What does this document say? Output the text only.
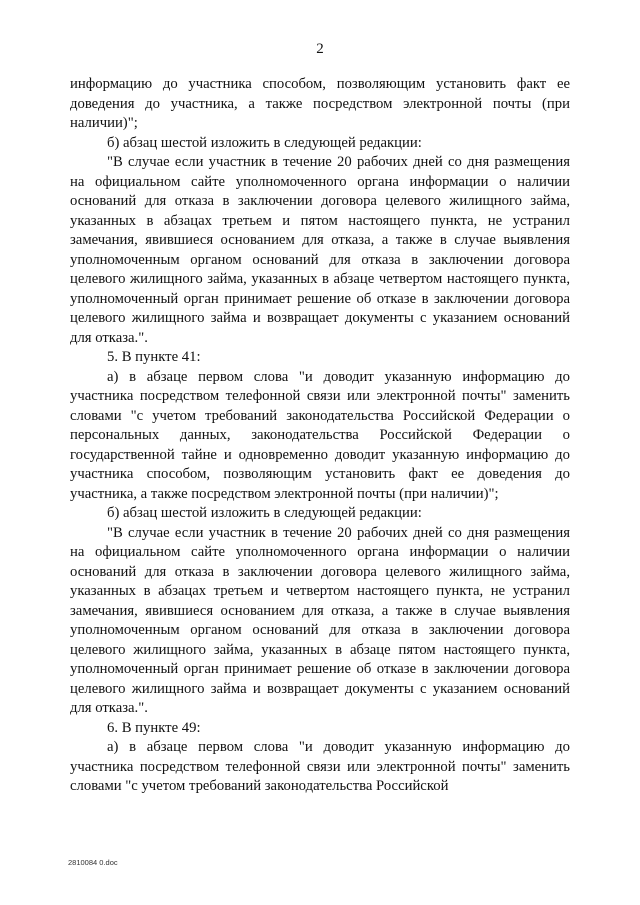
2

информацию до участника способом, позволяющим установить факт ее доведения до участника, а также посредством электронной почты (при наличии)";

б) абзац шестой изложить в следующей редакции:

"В случае если участник в течение 20 рабочих дней со дня размещения на официальном сайте уполномоченного органа информации о наличии оснований для отказа в заключении договора целевого жилищного займа, указанных в абзацах третьем и пятом настоящего пункта, не устранил замечания, явившиеся основанием для отказа, а также в случае выявления уполномоченным органом оснований для отказа в заключении договора целевого жилищного займа, указанных в абзаце четвертом настоящего пункта, уполномоченный орган принимает решение об отказе в заключении договора целевого жилищного займа и возвращает документы с указанием оснований для отказа.".

5. В пункте 41:

а) в абзаце первом слова "и доводит указанную информацию до участника посредством телефонной связи или электронной почты" заменить словами "с учетом требований законодательства Российской Федерации о персональных данных, законодательства Российской Федерации о государственной тайне и одновременно доводит указанную информацию до участника способом, позволяющим установить факт ее доведения до участника, а также посредством электронной почты (при наличии)";

б) абзац шестой изложить в следующей редакции:

"В случае если участник в течение 20 рабочих дней со дня размещения на официальном сайте уполномоченного органа информации о наличии оснований для отказа в заключении договора целевого жилищного займа, указанных в абзацах третьем и четвертом настоящего пункта, не устранил замечания, явившиеся основанием для отказа, а также в случае выявления уполномоченным органом оснований для отказа в заключении договора целевого жилищного займа, указанных в абзаце пятом настоящего пункта, уполномоченный орган принимает решение об отказе в заключении договора целевого жилищного займа и возвращает документы с указанием оснований для отказа.".

6. В пункте 49:

а) в абзаце первом слова "и доводит указанную информацию до участника посредством телефонной связи или электронной почты" заменить словами "с учетом требований законодательства Российской

2810084 0.doc
